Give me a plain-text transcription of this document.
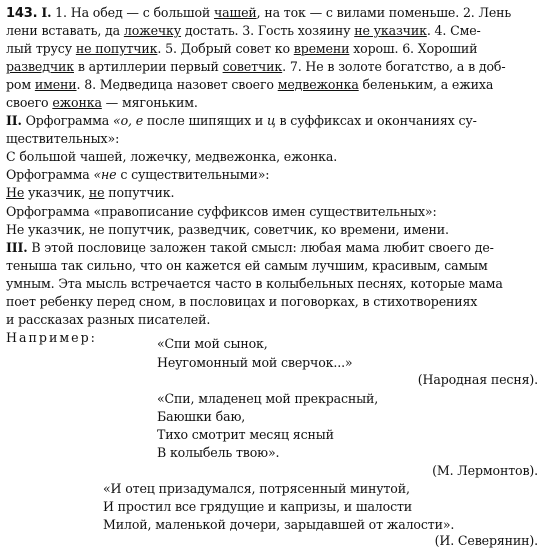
143. I. 1. На обед — с большой чашей, на ток — с вилами поменьше. 2. Лень
лени вставать, да ложечку достать. 3. Гость хозяину не указчик. 4. Сме-
лый трусу не попутчик. 5. Добрый совет ко времени хорош. 6. Хороший
разведчик в артиллерии первый советчик. 7. Не в золоте богатство, а в доб-
ром имени. 8. Медведица назовет своего медвежонка беленьким, а ежиха
своего ежонка — мягоньким.
II. Орфограмма «о, е после шипящих и ц в суффиксах и окончаниях су-
ществительных»:
С большой чашей, ложечку, медвежонка, ежонка.
Орфограмма «не с существительными»:
Не указчик, не попутчик.
Орфограмма «правописание суффиксов имен существительных»:
Не указчик, не попутчик, разведчик, советчик, ко времени, имени.
III. В этой пословице заложен такой смысл: любая мама любит своего де-
теныша так сильно, что он кажется ей самым лучшим, красивым, самым
умным. Эта мысль встречается часто в колыбельных песнях, которые мама
поет ребенку перед сном, в пословицах и поговорках, в стихотворениях
и рассказах разных писателей.
Например:	«Спи мой сынок,
Неугомонный мой сверчок...»
(Народная песня).
«Спи, младенец мой прекрасный,
Баюшки баю,
Тихо смотрит месяц ясный
В колыбель твою».
(М. Лермонтов).
«И отец призадумался, потрясенный минутой,
И простил все грядущие и капризы, и шалости
Милой, маленькой дочери, зарыдавшей от жалости».
(И. Северянин).
